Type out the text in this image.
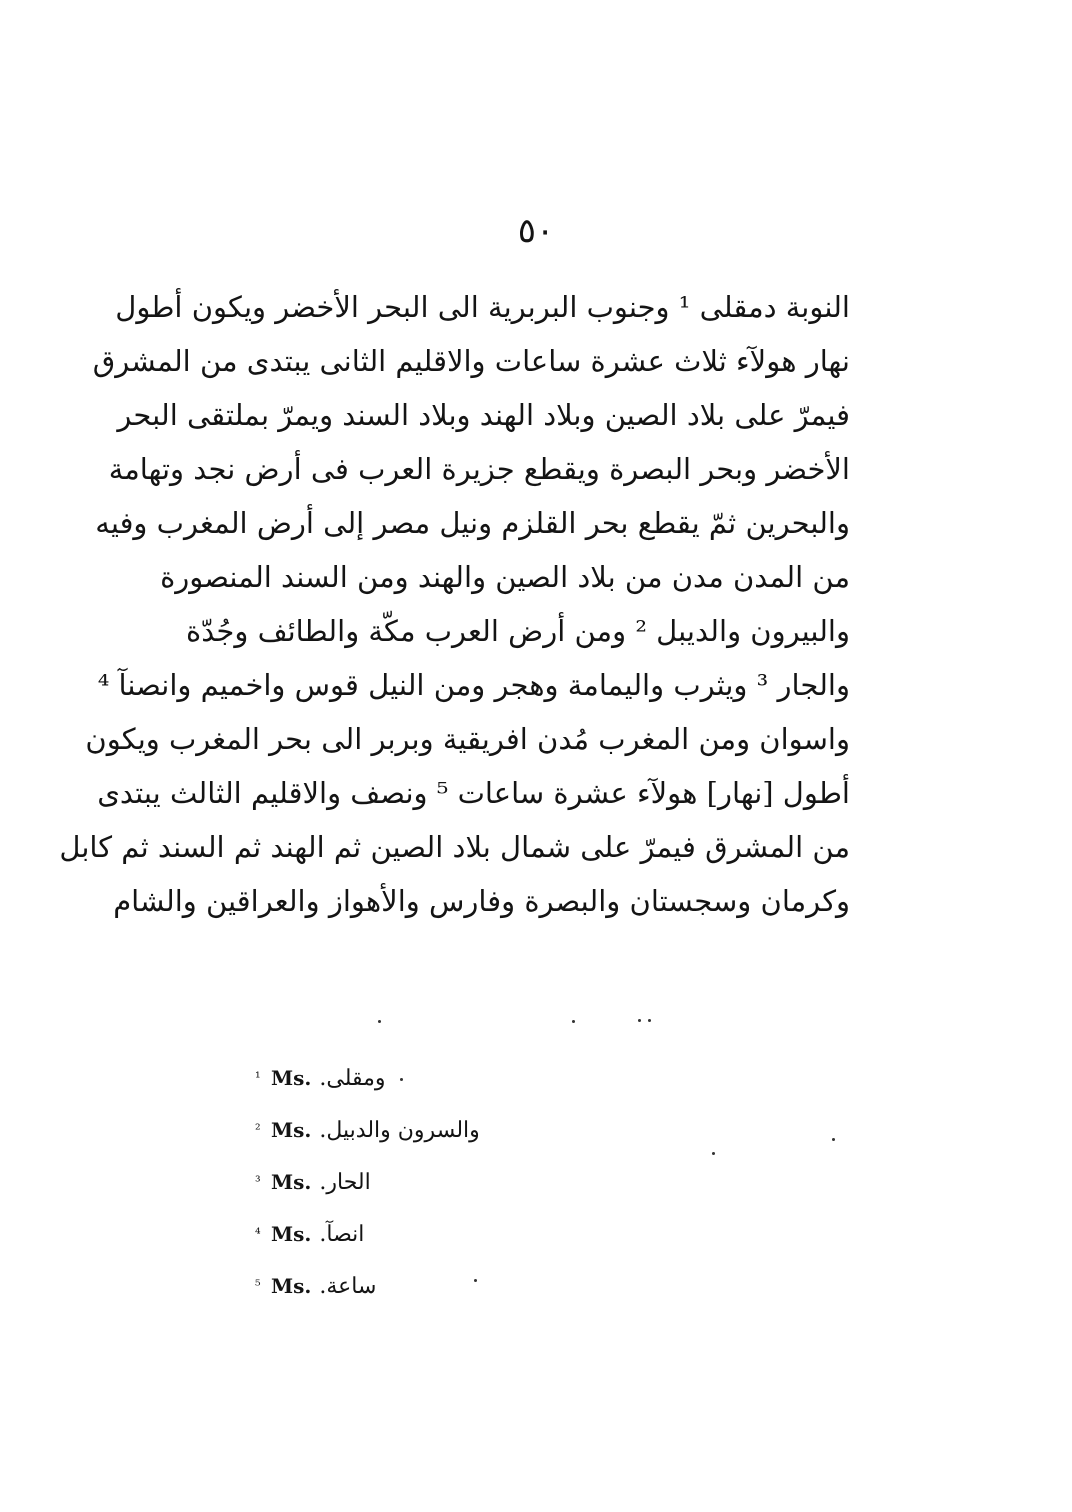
٥٠
النوبة دمقلى ¹ وجنوب البربرية الى البحر الأخضر ويكون أطول
نهار هولآء ثلاث عشرة ساعات والاقليم الثانى يبتدى من المشرق
فيمرّ على بلاد الصين وبلاد الهند وبلاد السند ويمرّ بملتقى البحر
الأخضر وبحر البصرة ويقطع جزيرة العرب فى أرض نجد وتهامة
والبحرين ثمّ يقطع بحر القلزم ونيل مصر إلى أرض المغرب وفيه
من المدن مدن من بلاد الصين والهند ومن السند المنصورة
والبيرون والديبل ² ومن أرض العرب مكّة والطائف وجُدّة
والجار ³ ويثرب واليمامة وهجر ومن النيل قوس واخميم وانصنآ ⁴
واسوان ومن المغرب مُدن افريقية وبربر الى بحر المغرب ويكون
أطول [نهار] هولآء عشرة ساعات ⁵ ونصف والاقليم الثالث يبتدى
من المشرق فيمرّ على شمال بلاد الصين ثم الهند ثم السند ثم كابل
وكرمان وسجستان والبصرة وفارس والأهواز والعراقين والشام
¹ Ms. ومقلى.
² Ms. والسرون والدبيل.
³ Ms. الحار.
⁴ Ms. انصآ.
⁵ Ms. ساعة.
